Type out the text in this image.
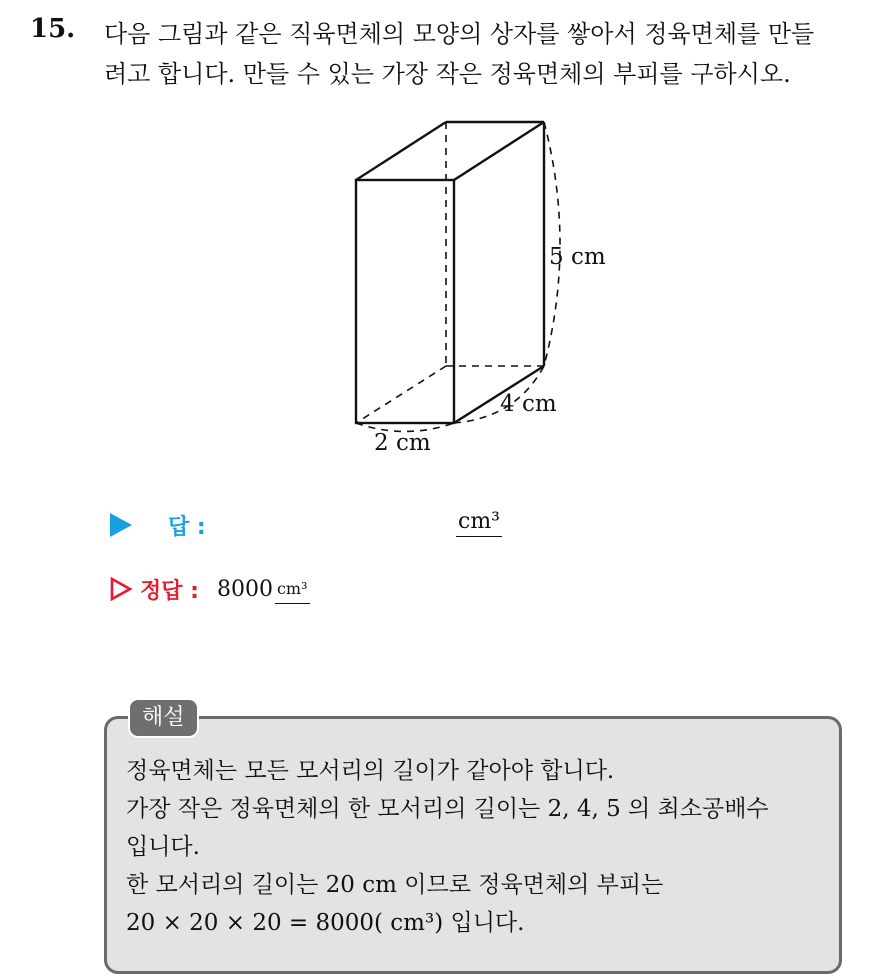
15. 다음 그림과 같은 직육면체의 모양의 상자를 쌓아서 정육면체를 만들
려고 합니다. 만들 수 있는 가장 작은 정육면체의 부피를 구하시오.
5 cm
4 cm
2 cm
답 :	cm³
정답 : 8000 cm³
해설
정육면체는 모든 모서리의 길이가 같아야 합니다.
가장 작은 정육면체의 한 모서리의 길이는 2, 4, 5 의 최소공배수
입니다.
한 모서리의 길이는 20 cm 이므로 정육면체의 부피는
20 × 20 × 20 = 8000( cm³) 입니다.
